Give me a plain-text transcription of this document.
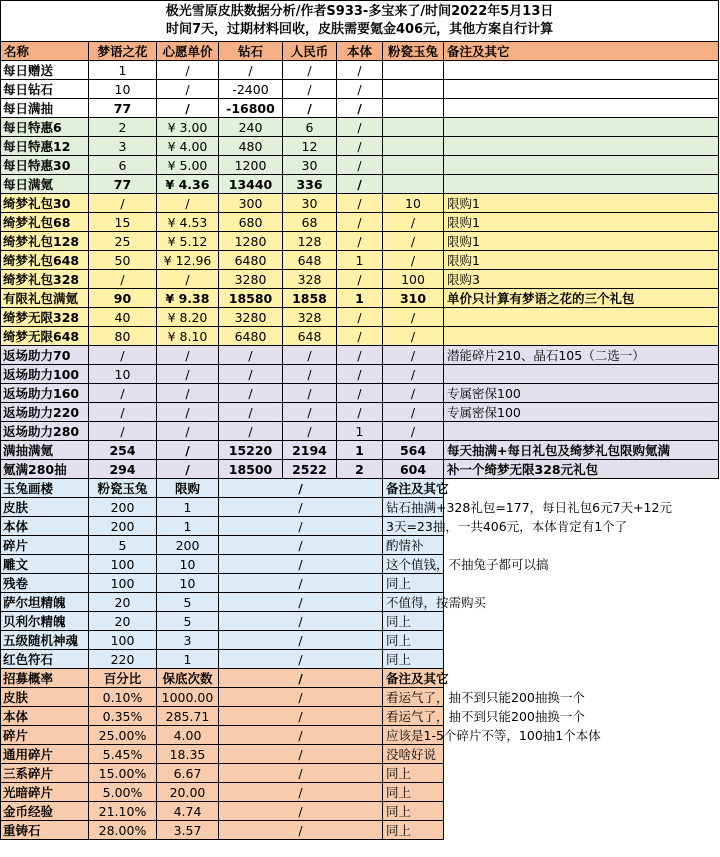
极光雪原皮肤数据分析/作者S933-多宝来了/时间2022年5月13日
时间7天，过期材料回收，皮肤需要氪金406元，其他方案自行计算							

名称	梦语之花	心愿单价	钻石	人民币	本体	粉瓷玉兔	备注及其它
每日赠送	1	/	/	/	/		
每日钻石	10	/	-2400	/	/		
每日满抽	77	/	-16800	/	/		
每日特惠6	2	¥ 3.00	240	6	/		
每日特惠12	3	¥ 4.00	480	12	/		
每日特惠30	6	¥ 5.00	1200	30	/		
每日满氪	77	¥ 4.36	13440	336	/		
绮梦礼包30	/	/	300	30	/	10	限购1
绮梦礼包68	15	¥ 4.53	680	68	/	/	限购1
绮梦礼包128	25	¥ 5.12	1280	128	/	/	限购1
绮梦礼包648	50	¥ 12.96	6480	648	1	/	限购1
绮梦礼包328	/	/	3280	328	/	100	限购3
有限礼包满氪	90	¥ 9.38	18580	1858	1	310	单价只计算有梦语之花的三个礼包
绮梦无限328	40	¥ 8.20	3280	328	/	/	
绮梦无限648	80	¥ 8.10	6480	648	/	/	
返场助力70	/	/	/	/	/	/	潜能碎片210、晶石105（二选一）
返场助力100	10	/	/	/	/	/	
返场助力160	/	/	/	/	/	/	专属密保100
返场助力220	/	/	/	/	/	/	专属密保100
返场助力280	/	/	/	/	1	/	
满抽满氪	254	/	15220	2194	1	564	每天抽满+每日礼包及绮梦礼包限购氪满
氪满280抽	294	/	18500	2522	2	604	补一个绮梦无限328元礼包
玉兔画楼	粉瓷玉兔	限购	/			备注及其它	
皮肤	200	1	/			钻石抽满+328礼包=177，每日礼包6元7天+12元	
本体	200	1	/			3天=23抽，一共406元，本体肯定有1个了	
碎片	5	200	/			酌情补	
雕文	100	10	/			这个值钱，不抽兔子都可以搞	
残卷	100	10	/			同上	
萨尔坦精魄	20	5	/			不值得，按需购买	
贝利尔精魄	20	5	/			同上	
五级随机神魂	100	3	/			同上	
红色符石	220	1	/			同上	
招募概率	百分比	保底次数	/			备注及其它	
皮肤	0.10%	1000.00	/			看运气了，抽不到只能200抽换一个	
本体	0.35%	285.71	/			看运气了，抽不到只能200抽换一个	
碎片	25.00%	4.00	/			应该是1-5个碎片不等，100抽1个本体	
通用碎片	5.45%	18.35	/			没啥好说	
三系碎片	15.00%	6.67	/			同上	
光暗碎片	5.00%	20.00	/			同上	
金币经验	21.10%	4.74	/			同上	
重铸石	28.00%	3.57	/			同上	
